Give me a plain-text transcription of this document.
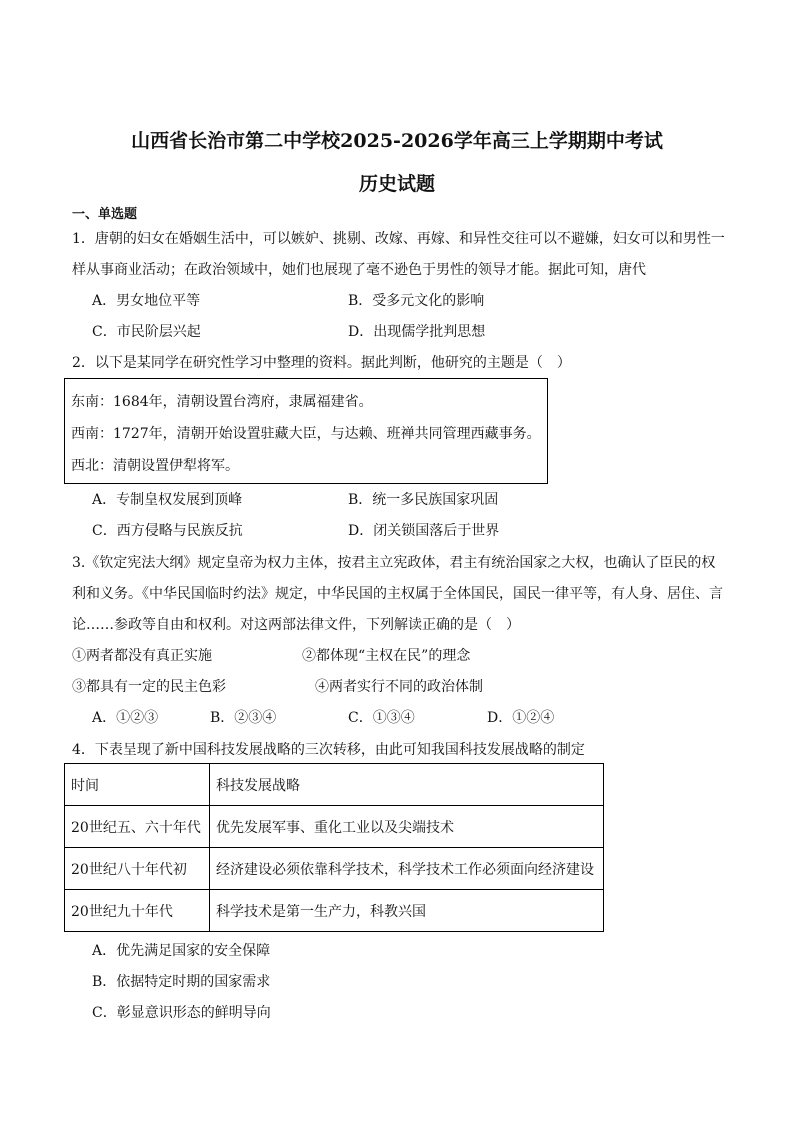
山西省长治市第二中学校2025-2026学年高三上学期期中考试
历史试题
一、单选题
1．唐朝的妇女在婚姻生活中，可以嫉妒、挑剔、改嫁、再嫁、和异性交往可以不避嫌，妇女可以和男性一
样从事商业活动；在政治领域中，她们也展现了毫不逊色于男性的领导才能。据此可知，唐代
A．男女地位平等	B．受多元文化的影响
C．市民阶层兴起	D．出现儒学批判思想
2．以下是某同学在研究性学习中整理的资料。据此判断，他研究的主题是（　）
东南：1684年，清朝设置台湾府，隶属福建省。
西南：1727年，清朝开始设置驻藏大臣，与达赖、班禅共同管理西藏事务。
西北：清朝设置伊犁将军。
A．专制皇权发展到顶峰	B．统一多民族国家巩固
C．西方侵略与民族反抗	D．闭关锁国落后于世界
3.《钦定宪法大纲》规定皇帝为权力主体，按君主立宪政体，君主有统治国家之大权，也确认了臣民的权
利和义务。《中华民国临时约法》规定，中华民国的主权属于全体国民，国民一律平等，有人身、居住、言
论……参政等自由和权利。对这两部法律文件，下列解读正确的是（　）
①两者都没有真正实施	②都体现“主权在民”的理念
③都具有一定的民主色彩	④两者实行不同的政治体制
A．①②③	B．②③④	C．①③④	D．①②④
4．下表呈现了新中国科技发展战略的三次转移，由此可知我国科技发展战略的制定
时间	科技发展战略
20世纪五、六十年代	优先发展军事、重化工业以及尖端技术
20世纪八十年代初	经济建设必须依靠科学技术，科学技术工作必须面向经济建设
20世纪九十年代	科学技术是第一生产力，科教兴国
A．优先满足国家的安全保障
B．依据特定时期的国家需求
C．彰显意识形态的鲜明导向
